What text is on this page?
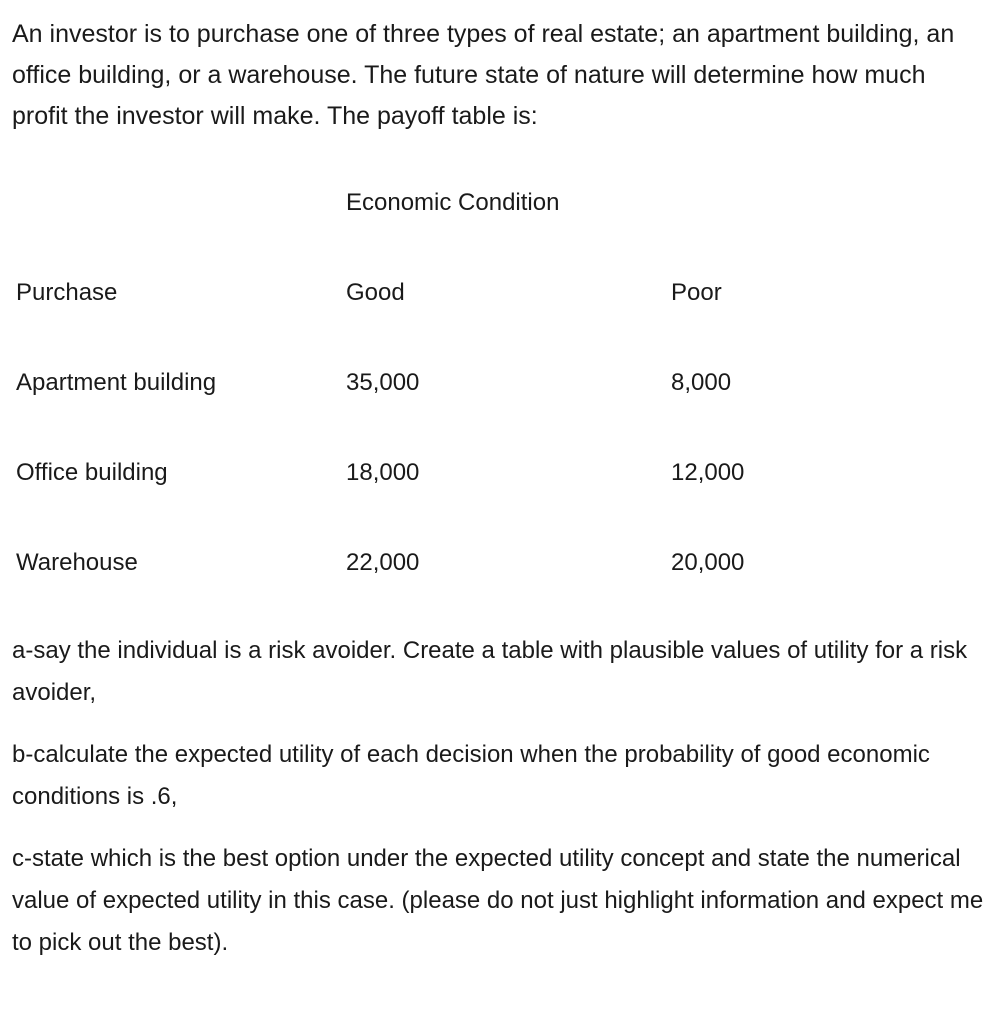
An investor is to purchase one of three types of real estate; an apartment building, an office building, or a warehouse. The future state of nature will determine how much profit the investor will make. The payoff table is:

Economic Condition

Purchase	Good	Poor

Apartment building	35,000	8,000

Office building	18,000	12,000

Warehouse	22,000	20,000

a-say the individual is a risk avoider. Create a table with plausible values of utility for a risk avoider,

b-calculate the expected utility of each decision when the probability of good economic conditions is .6,

c-state which is the best option under the expected utility concept and state the numerical value of expected utility in this case. (please do not just highlight information and expect me to pick out the best).
